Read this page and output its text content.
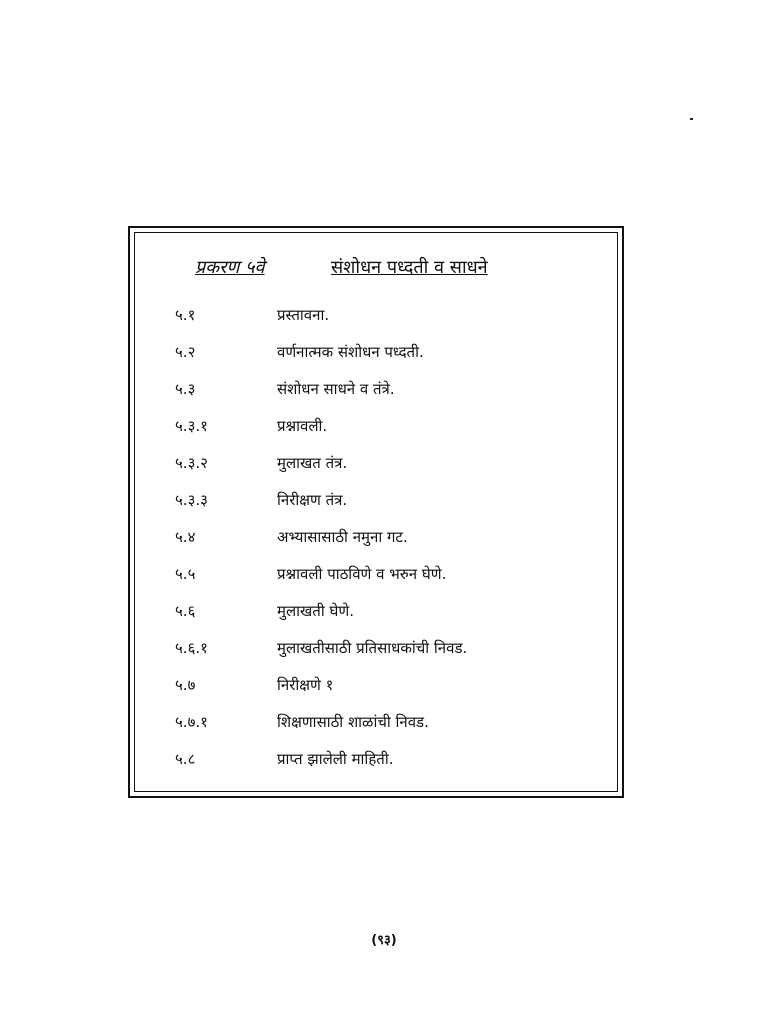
प्रकरण ५वे	संशोधन पध्दती व साधने
५.१	प्रस्तावना.
५.२	वर्णनात्मक संशोधन पध्दती.
५.३	संशोधन साधने व तंत्रे.
५.३.१	प्रश्नावली.
५.३.२	मुलाखत तंत्र.
५.३.३	निरीक्षण तंत्र.
५.४	अभ्यासासाठी नमुना गट.
५.५	प्रश्नावली पाठविणे व भरुन घेणे.
५.६	मुलाखती घेणे.
५.६.१	मुलाखतीसाठी प्रतिसाधकांची निवड.
५.७	निरीक्षणे १
५.७.१	शिक्षणासाठी शाळांची निवड.
५.८	प्राप्त झालेली माहिती.
(९३)
